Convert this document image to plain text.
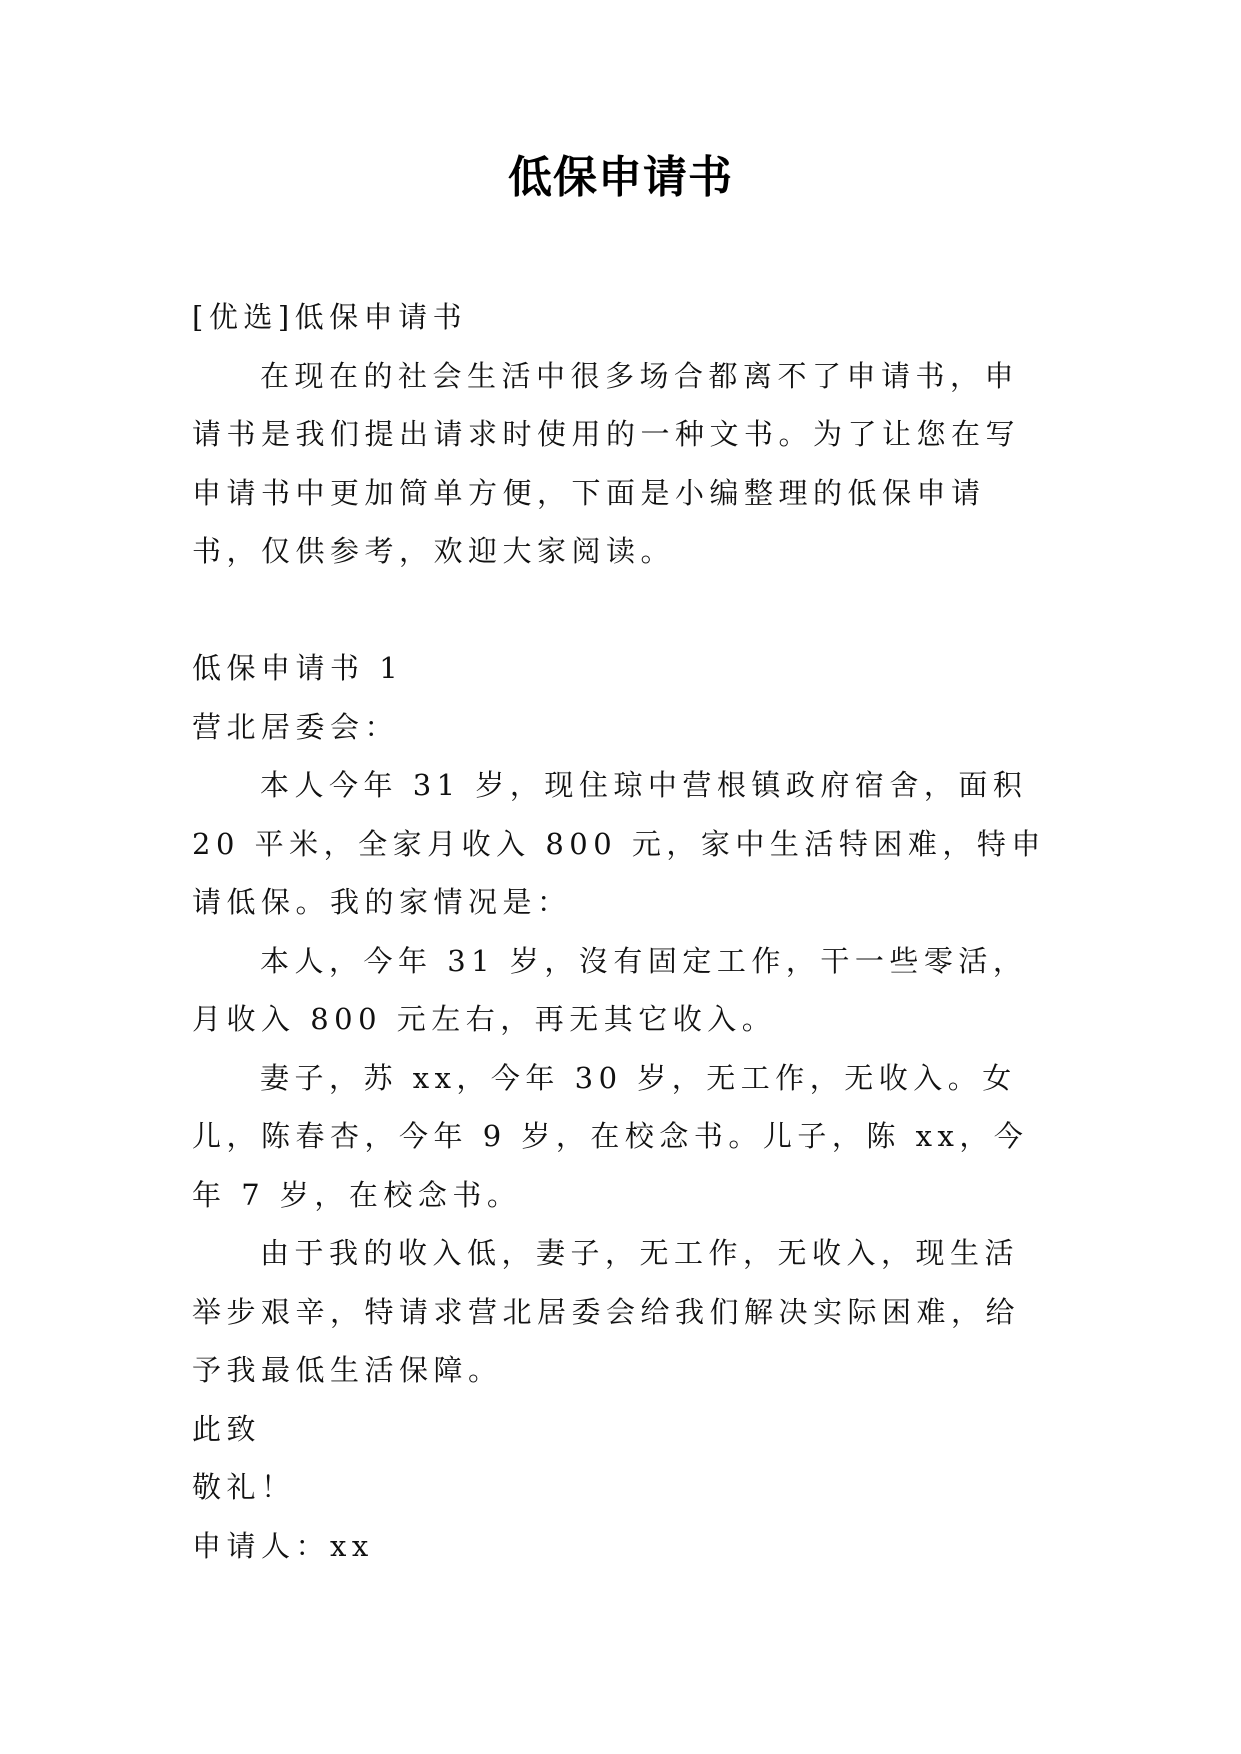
低保申请书

[优选]低保申请书

在现在的社会生活中很多场合都离不了申请书，申请书是我们提出请求时使用的一种文书。为了让您在写申请书中更加简单方便，下面是小编整理的低保申请书，仅供参考，欢迎大家阅读。

低保申请书 1

营北居委会：

本人今年 31 岁，现住琼中营根镇政府宿舍，面积 20 平米，全家月收入 800 元，家中生活特困难，特申请低保。我的家情况是：

本人，今年 31 岁，沒有固定工作，干一些零活，月收入 800 元左右，再无其它收入。

妻子，苏 xx，今年 30 岁，无工作，无收入。女儿，陈春杏，今年 9 岁，在校念书。儿子，陈 xx，今年 7 岁，在校念书。

由于我的收入低，妻子，无工作，无收入，现生活举步艰辛，特请求营北居委会给我们解决实际困难，给予我最低生活保障。

此致

敬礼！

申请人：xx
